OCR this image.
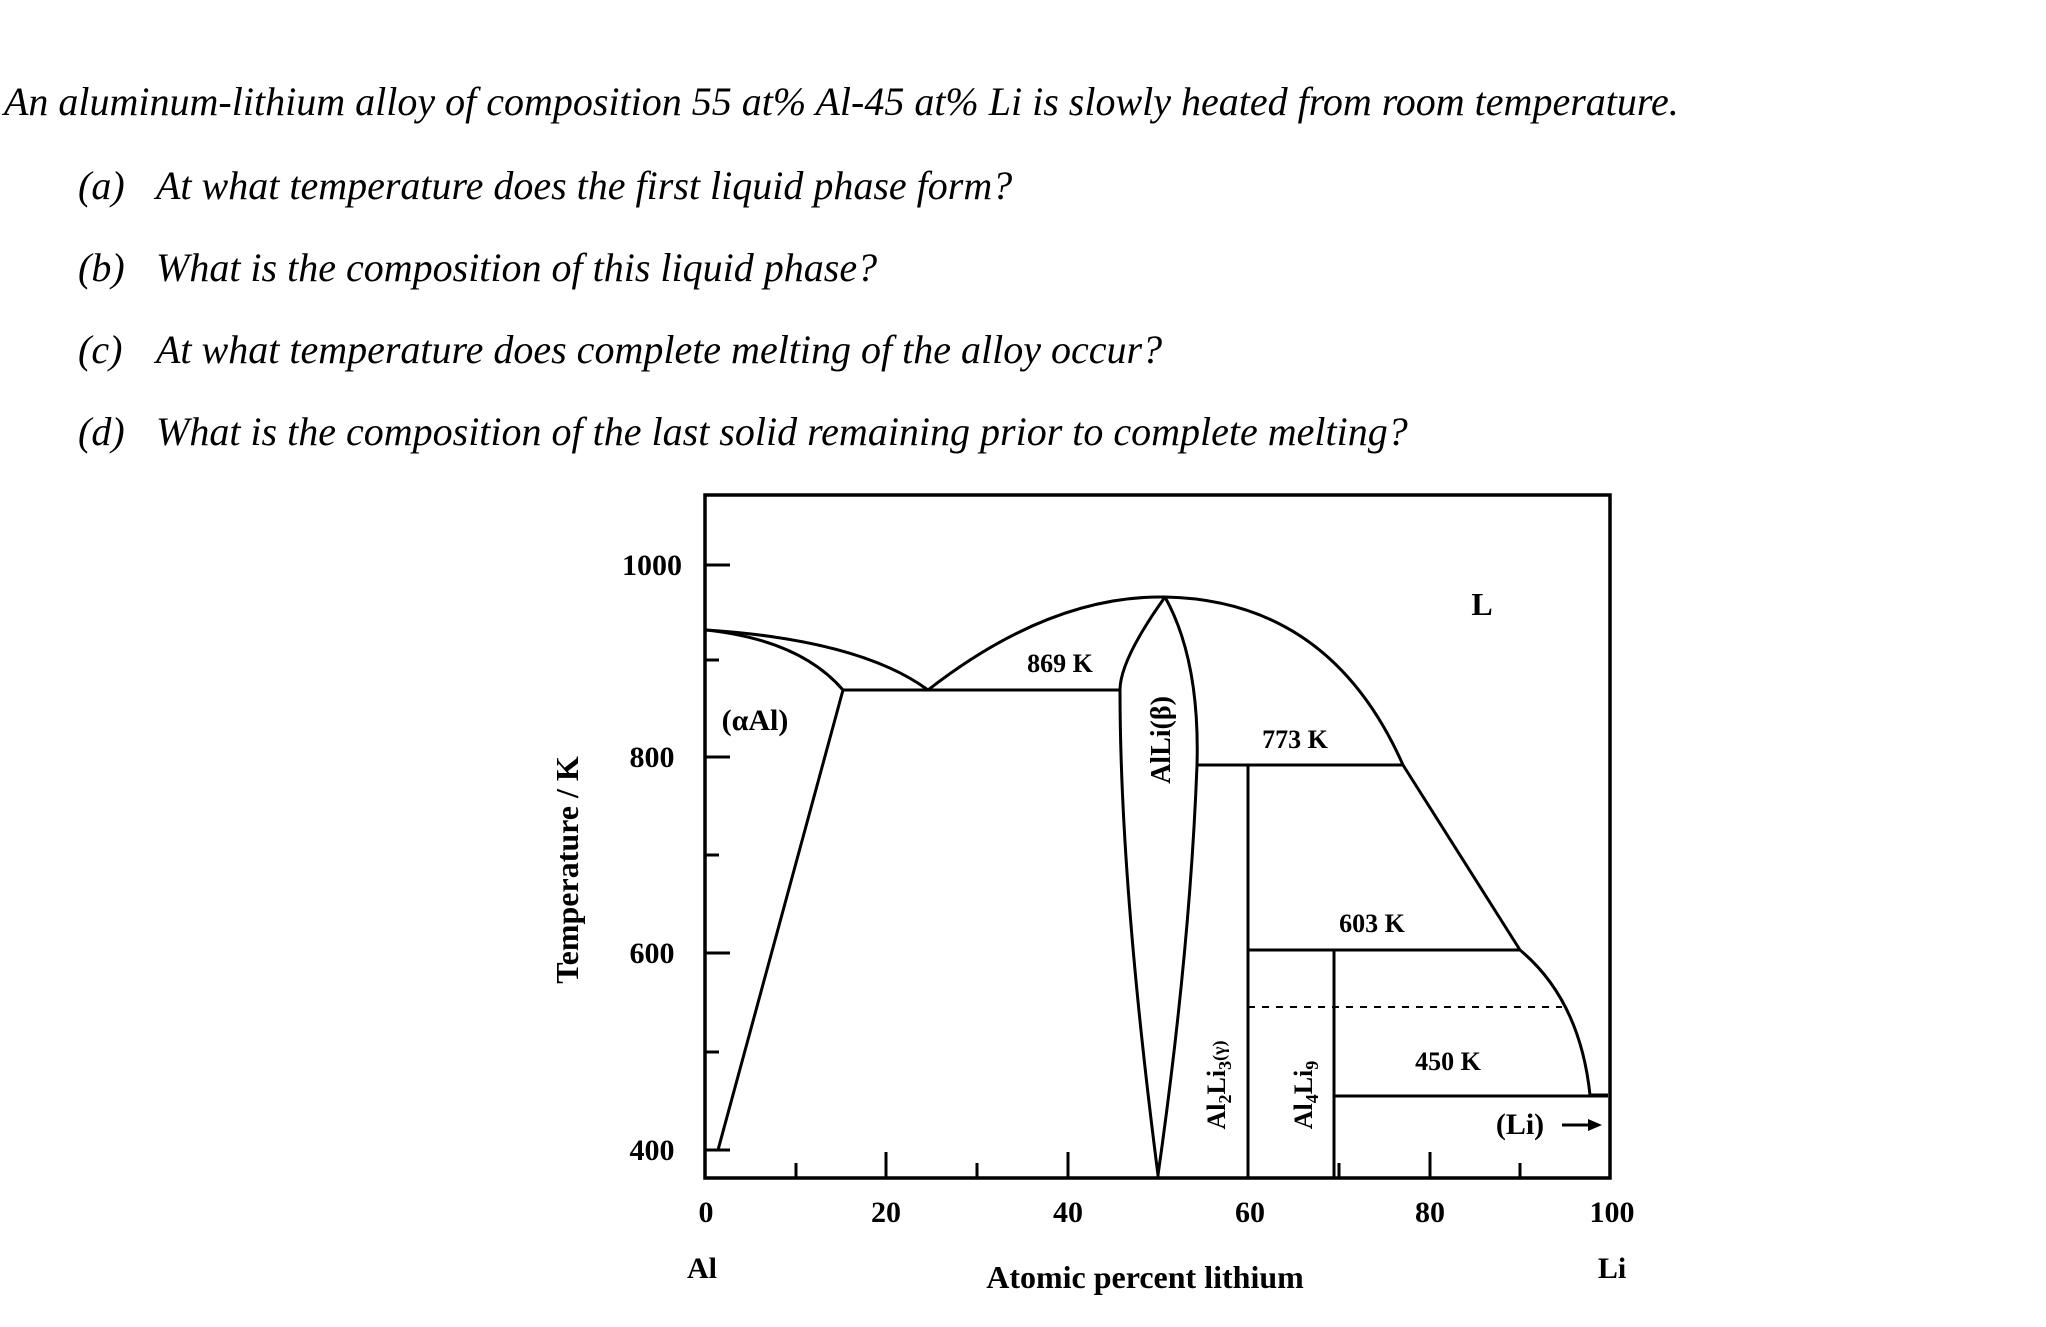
An aluminum-lithium alloy of composition 55 at% Al-45 at% Li is slowly heated from room temperature.

(a) At what temperature does the first liquid phase form?

(b) What is the composition of this liquid phase?

(c) At what temperature does complete melting of the alloy occur?

(d) What is the composition of the last solid remaining prior to complete melting?

1000
800
600
400
0	20	40	60	80	100
Al	Li
Atomic percent lithium
Temperature / K
L
(αAl)	AlLi(β)
$Al_2Li_3^{(\gamma)}$
$Al_4Li_9$
(Li)
869 K
773 K
603 K
450 K
